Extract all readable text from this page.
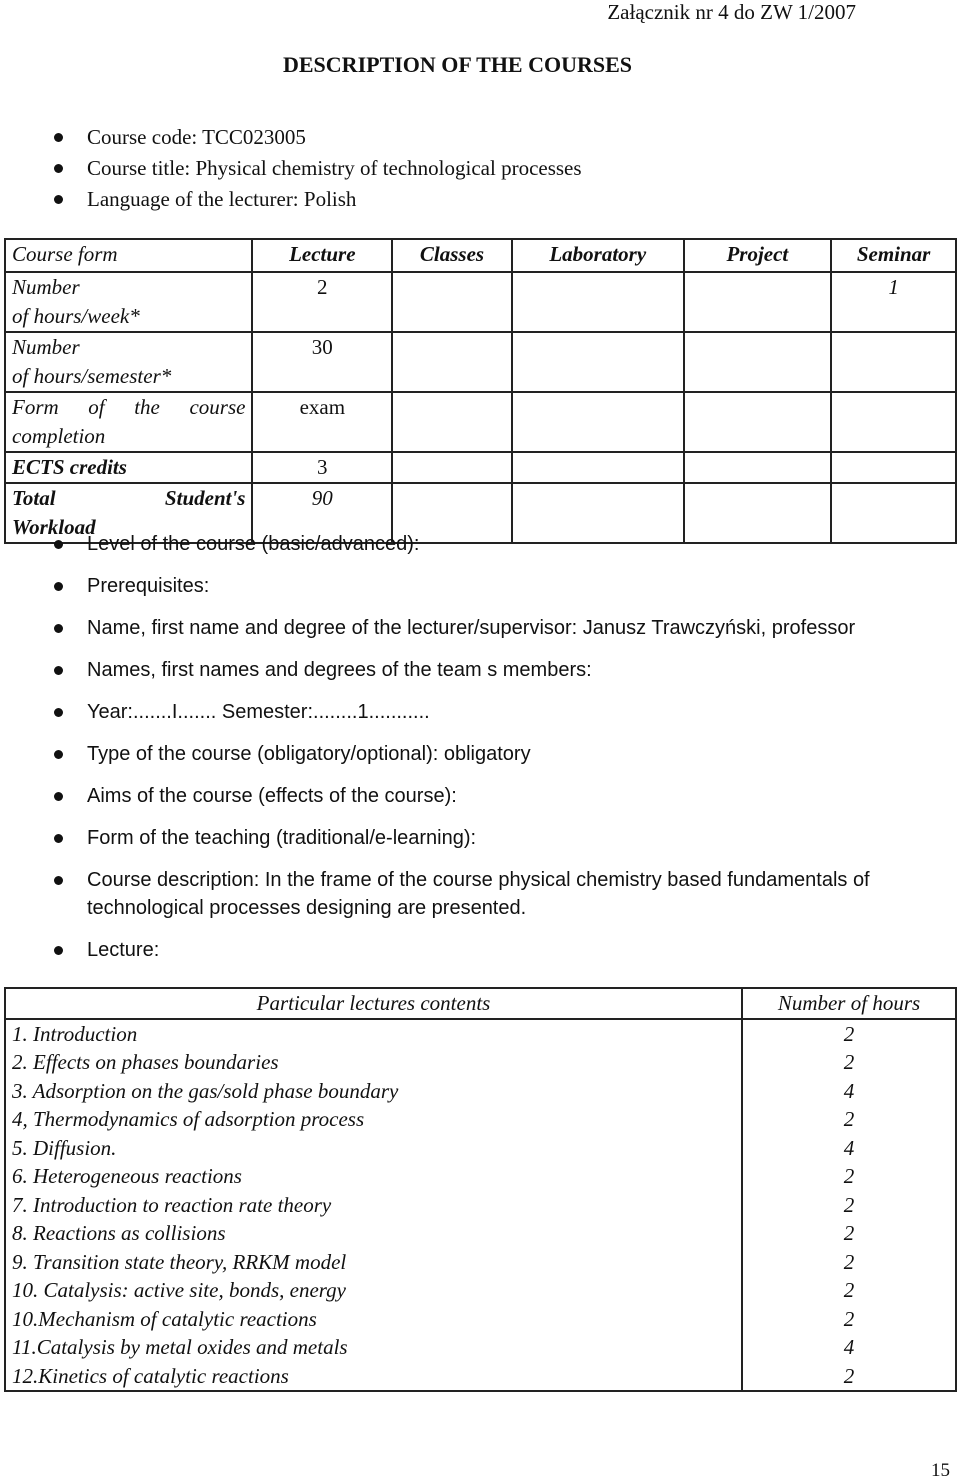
Załącznik nr 4 do ZW 1/2007
DESCRIPTION OF THE COURSES
Course code: TCC023005
Course title: Physical chemistry of technological processes
Language of the lecturer: Polish
Course form	Lecture	Classes	Laboratory	Project	Seminar
Number
of hours/week*	2				1
Number
of hours/semester*	30				

Form of the course
completion	exam				
ECTS credits	3				

Total Student's
Workload	90				
Level of the course (basic/advanced):
Prerequisites:
Name, first name and degree of the lecturer/supervisor: Janusz Trawczyński, professor
Names, first names and degrees of the team s members:
Year:.......I....... Semester:........1...........
Type of the course (obligatory/optional): obligatory
Aims of the course (effects of the course):
Form of the teaching (traditional/e-learning):
Course description: In the frame of the course physical chemistry based fundamentals of technological processes designing are presented.
Lecture:
Particular lectures contents	Number of hours
1. Introduction	2
2. Effects on phases boundaries	2
3. Adsorption on the gas/sold phase boundary	4
4, Thermodynamics of adsorption process	2
5. Diffusion.	4
6. Heterogeneous reactions	2
7. Introduction to reaction rate theory	2
8. Reactions as collisions	2
9. Transition state theory, RRKM model	2
10. Catalysis: active site, bonds, energy	2
10.Mechanism of catalytic reactions	2
11.Catalysis by metal oxides and metals	4
12.Kinetics of catalytic reactions	2
15
